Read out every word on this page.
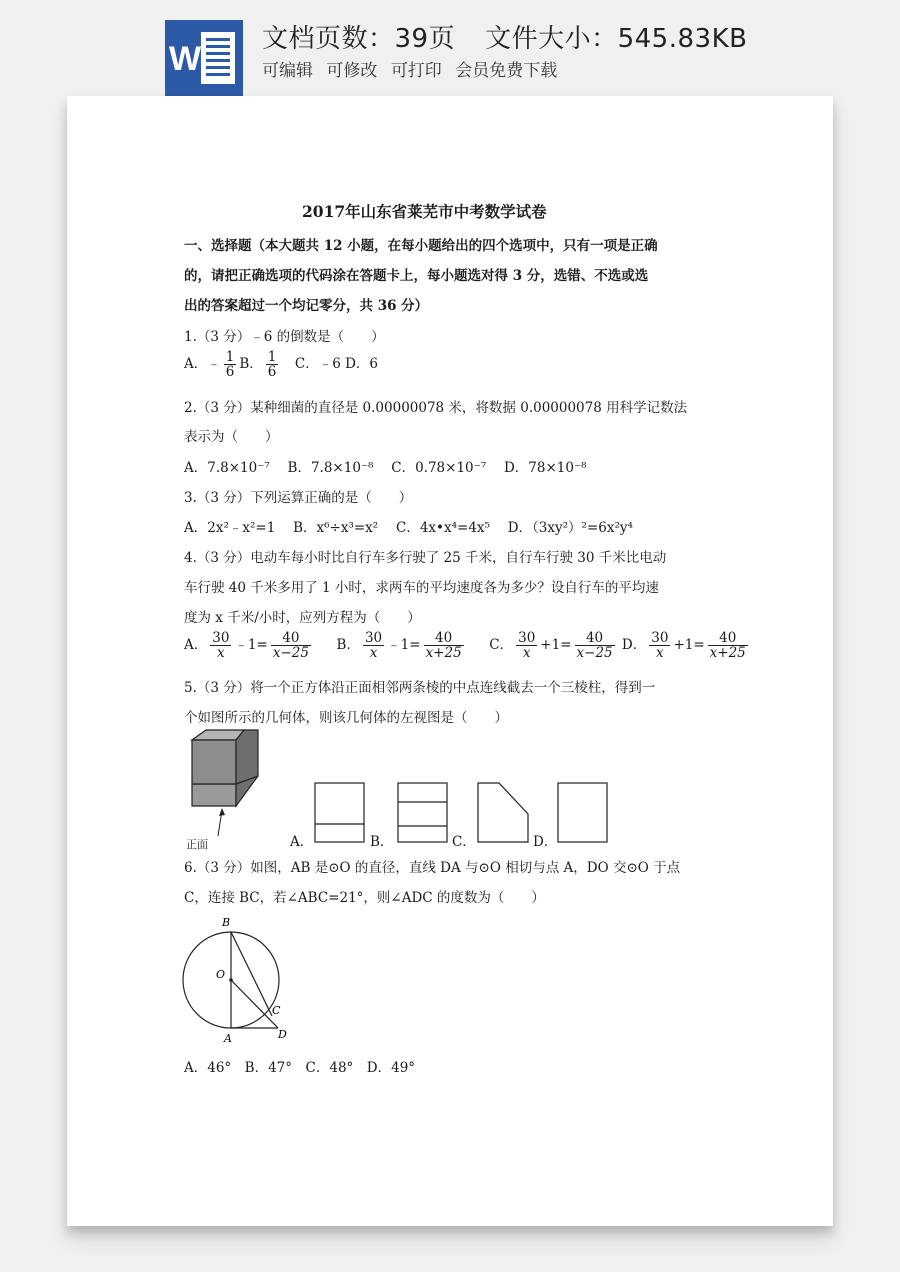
W
文档页数：39页 文件大小：545.83KB
可编辑 可修改 可打印 会员免费下载
2017年山东省莱芜市中考数学试卷
一、选择题（本大题共 12 小题，在每小题给出的四个选项中，只有一项是正确
的，请把正确选项的代码涂在答题卡上，每小题选对得 3 分，选错、不选或选
出的答案超过一个均记零分，共 36 分）
1.（3 分）﹣6 的倒数是（　　）
A．﹣ $\frac{1}{6}$ B． $\frac{1}{6}$ 　C．﹣6 D．6
2.（3 分）某种细菌的直径是 0.00000078 米，将数据 0.00000078 用科学记数法
表示为（　　）
A．7.8×10⁻⁷　 B．7.8×10⁻⁸　 C．0.78×10⁻⁷　 D．78×10⁻⁸
3.（3 分）下列运算正确的是（　　）
A．2x²﹣x²=1　 B．x⁶÷x³=x²　 C．4x•x⁴=4x⁵　 D．（3xy²）²=6x²y⁴
4.（3 分）电动车每小时比自行车多行驶了 25 千米，自行车行驶 30 千米比电动
车行驶 40 千米多用了 1 小时，求两车的平均速度各为多少？设自行车的平均速
度为 x 千米/小时，应列方程为（　　）
A． $\frac{30}{x}$ ﹣1= $\frac{40}{x-25}$ B． $\frac{30}{x}$ ﹣1= $\frac{40}{x+25}$ C． $\frac{30}{x} +1= \frac{40}{x-25}$ D． $\frac{30}{x} +1= \frac{40}{x+25}$
5.（3 分）将一个正方体沿正面相邻两条棱的中点连线截去一个三棱柱，得到一
个如图所示的几何体，则该几何体的左视图是（　　）
正面	A．	B．	C．	D．
6.（3 分）如图，AB 是⊙O 的直径，直线 DA 与⊙O 相切与点 A，DO 交⊙O 于点
C，连接 BC，若∠ABC=21°，则∠ADC 的度数为（　　）
B
O
C
A	D
A．46°　B．47°　C．48°　D．49°
